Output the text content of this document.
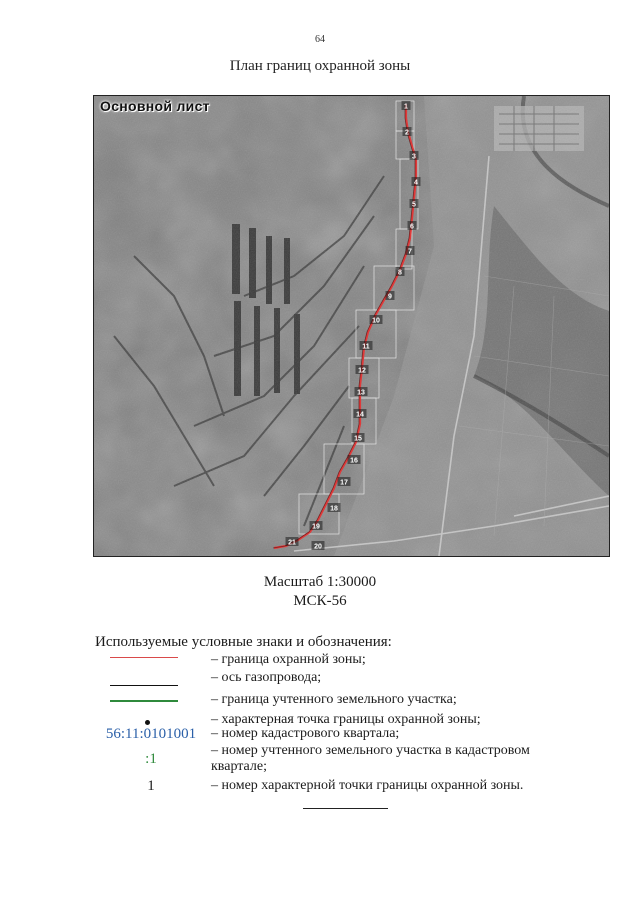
64
План границ охранной зоны
1
2
3
4
5
6
7
8
9
10
11
12
13
14
15
16
17
18
19
20
21
Основной лист
Масштаб 1:30000
МСК-56
Используемые условные знаки и обозначения:
– граница охранной зоны;
– ось газопровода;
– граница учтенного земельного участка;
– характерная точка границы охранной зоны;
56:11:0101001	– номер кадастрового квартала;
:1
– номер учтенного земельного участка в кадастровом квартале;
1	– номер характерной точки границы охранной зоны.
